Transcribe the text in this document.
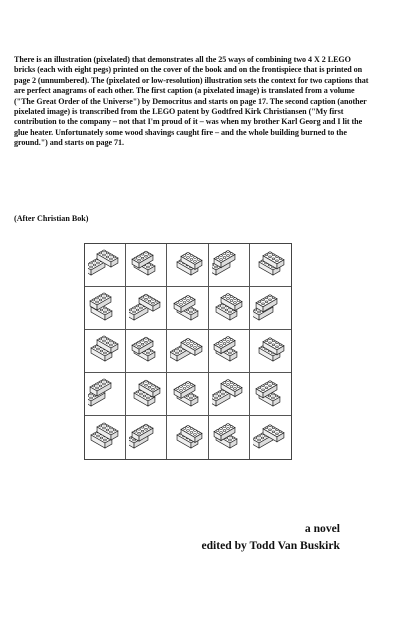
There is an illustration (pixelated) that demonstrates all the 25 ways of combining two 4 X 2 LEGO bricks (each with eight pegs) printed on the cover of the book and on the frontispiece that is printed on page 2 (unnumbered). The (pixelated or low-resolution) illustration sets the context for two captions that are perfect anagrams of each other. The first caption (a pixelated image) is translated from a volume ("The Great Order of the Universe") by Democritus and starts on page 17. The second caption (another pixelated image) is transcribed from the LEGO patent by Godtfred Kirk Christiansen ("My first contribution to the company – not that I'm proud of it – was when my brother Karl Georg and I lit the glue heater. Unfortunately some wood shavings caught fire – and the whole building burned to the ground.") and starts on page 71.
(After Christian Bok)
a novel
edited by Todd Van Buskirk
